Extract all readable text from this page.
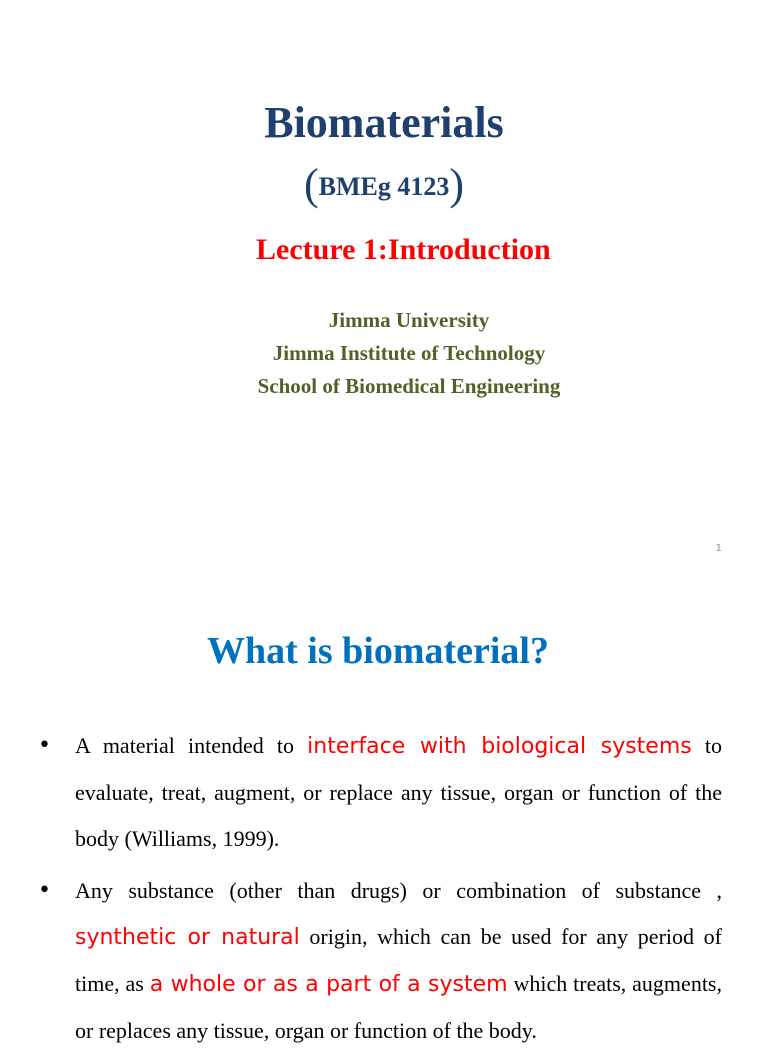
Biomaterials
(BMEg 4123)
Lecture 1:Introduction
Jimma University
Jimma Institute of Technology
School of Biomedical Engineering
1
What is biomaterial?
• A material intended to interface with biological systems to evaluate, treat, augment, or replace any tissue, organ or function of the body (Williams, 1999).
• Any substance (other than drugs) or combination of substance , synthetic or natural origin, which can be used for any period of time, as a whole or as a part of a system which treats, augments, or replaces any tissue, organ or function of the body.
